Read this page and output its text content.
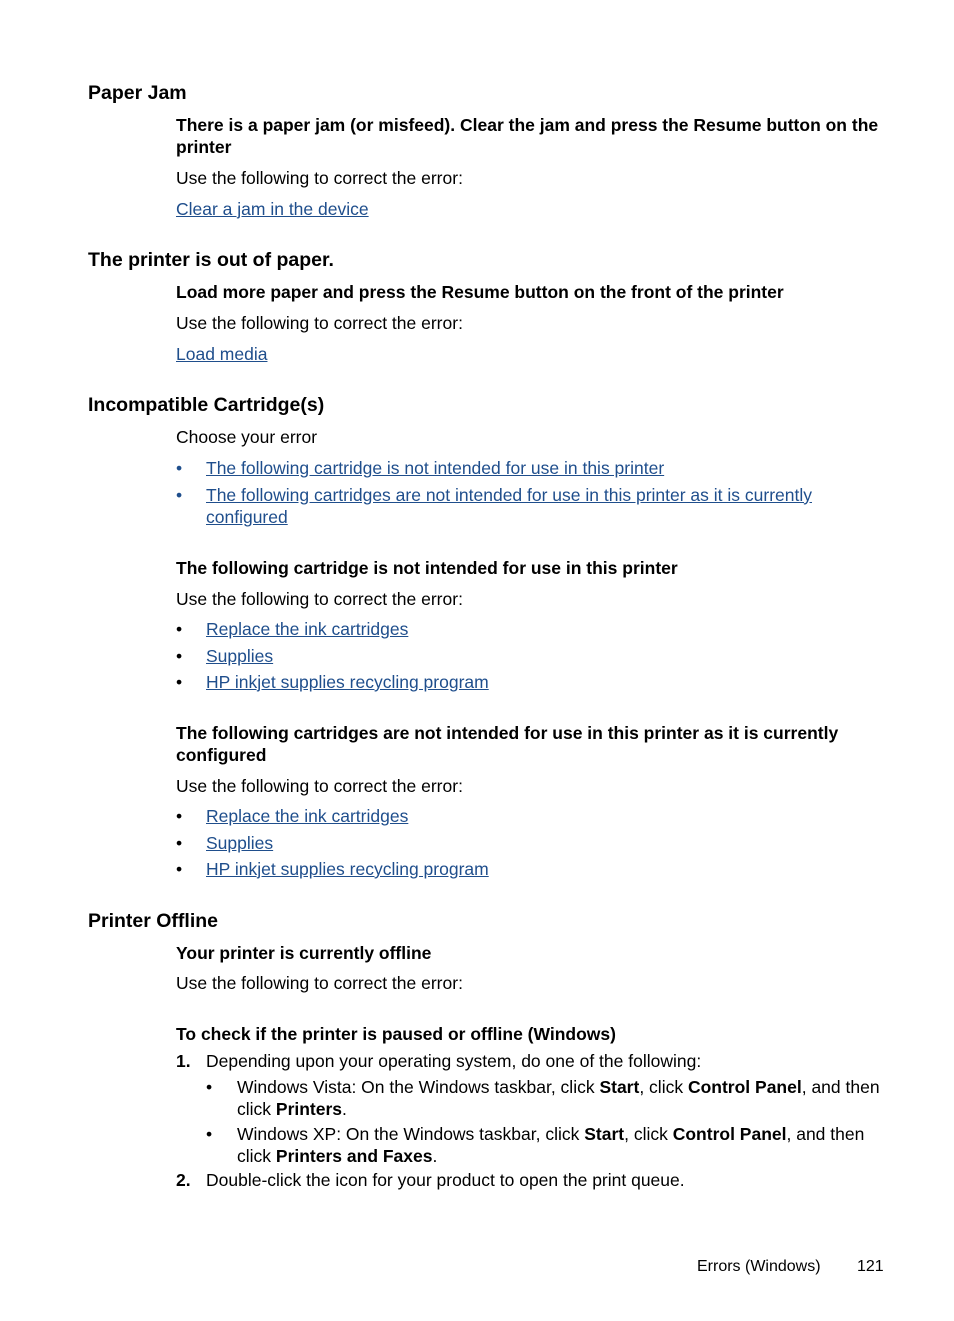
Paper Jam

There is a paper jam (or misfeed). Clear the jam and press the Resume button on the printer

Use the following to correct the error:

Clear a jam in the device

The printer is out of paper.

Load more paper and press the Resume button on the front of the printer

Use the following to correct the error:

Load media

Incompatible Cartridge(s)

Choose your error

•	The following cartridge is not intended for use in this printer
•	The following cartridges are not intended for use in this printer as it is currently configured

The following cartridge is not intended for use in this printer

Use the following to correct the error:

•	Replace the ink cartridges
•	Supplies
•	HP inkjet supplies recycling program

The following cartridges are not intended for use in this printer as it is currently configured

Use the following to correct the error:

•	Replace the ink cartridges
•	Supplies
•	HP inkjet supplies recycling program
Printer Offline

Your printer is currently offline

Use the following to correct the error:

To check if the printer is paused or offline (Windows)

1. Depending upon your operating system, do one of the following:
• Windows Vista: On the Windows taskbar, click Start, click Control Panel, and then click Printers.
• Windows XP: On the Windows taskbar, click Start, click Control Panel, and then click Printers and Faxes.
2. Double-click the icon for your product to open the print queue.
Errors (Windows) 121
